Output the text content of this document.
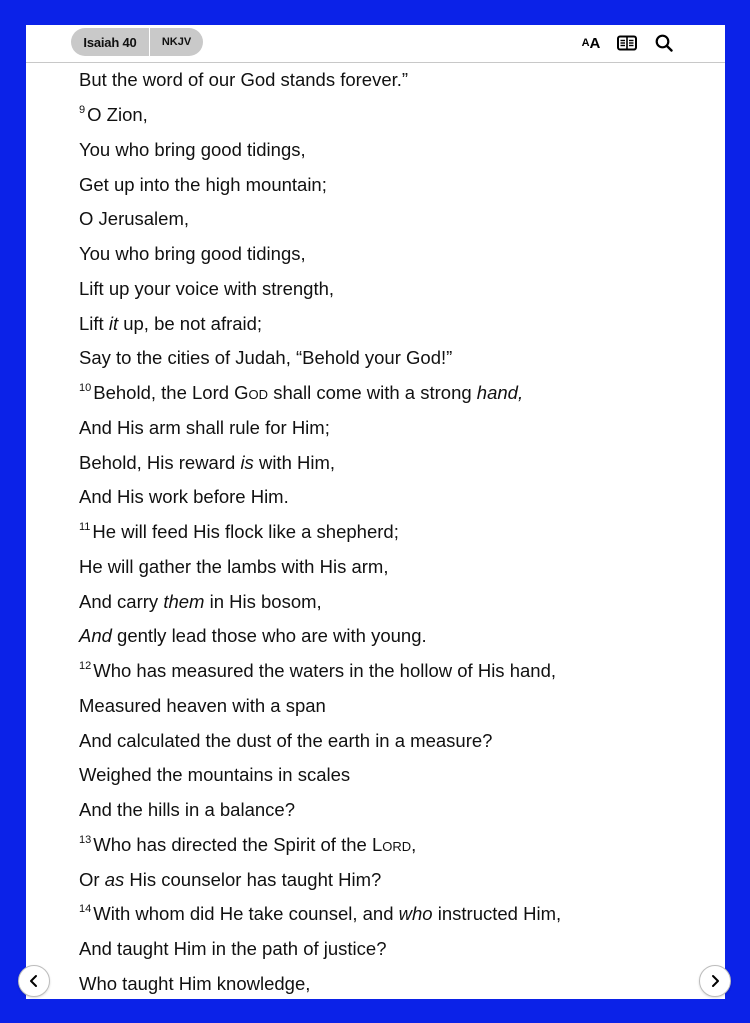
Isaiah 40	NKJV	A A
But the word of our God stands forever.”
9 O Zion,
You who bring good tidings,
Get up into the high mountain;
O Jerusalem,
You who bring good tidings,
Lift up your voice with strength,
Lift it up, be not afraid;
Say to the cities of Judah, “Behold your God!”
10 Behold, the Lord God shall come with a strong hand,
And His arm shall rule for Him;
Behold, His reward is with Him,
And His work before Him.
11 He will feed His flock like a shepherd;
He will gather the lambs with His arm,
And carry them in His bosom,
And gently lead those who are with young.
12 Who has measured the waters in the hollow of His hand,
Measured heaven with a span
And calculated the dust of the earth in a measure?
Weighed the mountains in scales
And the hills in a balance?
13 Who has directed the Spirit of the Lord,
Or as His counselor has taught Him?
14 With whom did He take counsel, and who instructed Him,
And taught Him in the path of justice?
Who taught Him knowledge,
